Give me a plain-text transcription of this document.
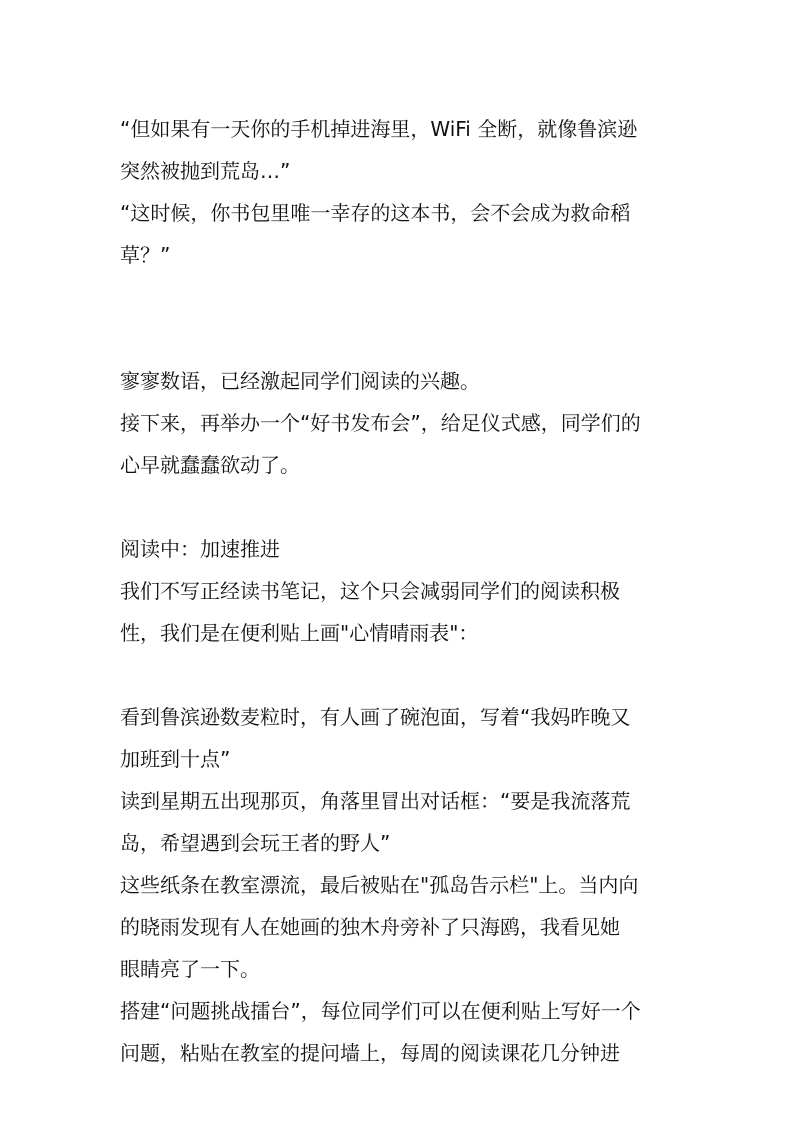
“但如果有一天你的手机掉进海里，WiFi 全断，就像鲁滨逊
突然被抛到荒岛…”
“这时候，你书包里唯一幸存的这本书，会不会成为救命稻
草？”
寥寥数语，已经激起同学们阅读的兴趣。
接下来，再举办一个“好书发布会”，给足仪式感，同学们的
心早就蠢蠢欲动了。
阅读中：加速推进
我们不写正经读书笔记，这个只会减弱同学们的阅读积极
性，我们是在便利贴上画"心情晴雨表"：
看到鲁滨逊数麦粒时，有人画了碗泡面，写着“我妈昨晚又
加班到十点”
读到星期五出现那页，角落里冒出对话框：“要是我流落荒
岛，希望遇到会玩王者的野人”
这些纸条在教室漂流，最后被贴在"孤岛告示栏"上。当内向
的晓雨发现有人在她画的独木舟旁补了只海鸥，我看见她
眼睛亮了一下。
搭建“问题挑战擂台”，每位同学们可以在便利贴上写好一个
问题，粘贴在教室的提问墙上，每周的阅读课花几分钟进
